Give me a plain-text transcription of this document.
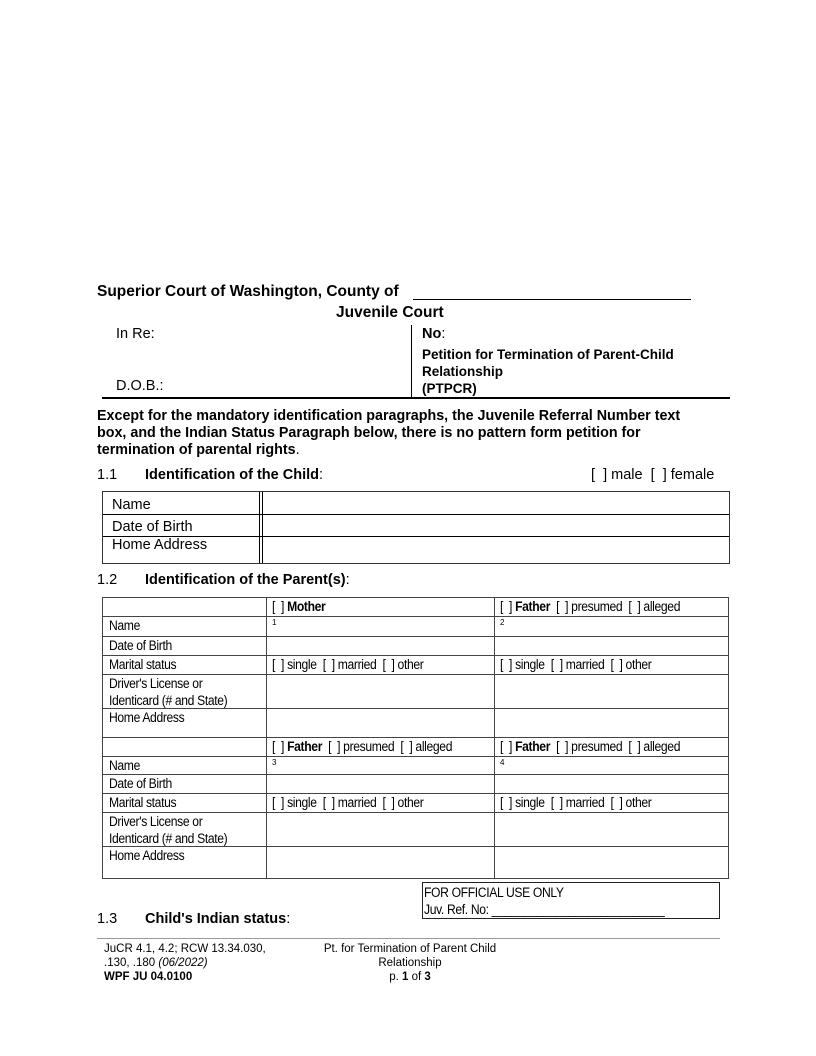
Superior Court of Washington, County of
Juvenile Court
In Re:
D.O.B.:
No:
Petition for Termination of Parent-Child
Relationship
(PTPCR)
Except for the mandatory identification paragraphs, the Juvenile Referral Number text
box, and the Indian Status Paragraph below, there is no pattern form petition for
termination of parental rights.
1.1 Identification of the Child:	[  ] male  [  ] female
Name
Date of Birth
Home Address
1.2 Identification of the Parent(s):
[  ] Mother
1
[  ] single  [  ] married  [  ] other
[  ] Father  [  ] presumed  [  ] alleged
2
[  ] single  [  ] married  [  ] other
Name
Date of Birth
Marital status
Driver's License or
Identicard (# and State)
Home Address
[  ] Father  [  ] presumed  [  ] alleged
3
[  ] single  [  ] married  [  ] other
[  ] Father  [  ] presumed  [  ] alleged
4
[  ] single  [  ] married  [  ] other
Name
Date of Birth
Marital status
Driver's License or
Identicard (# and State)
Home Address
FOR OFFICIAL USE ONLY
Juv. Ref. No: ___________________________
1.3 Child's Indian status:
JuCR 4.1, 4.2; RCW 13.34.030,
.130, .180 (06/2022)
WPF JU 04.0100
Pt. for Termination of Parent Child
Relationship
p. 1 of 3
